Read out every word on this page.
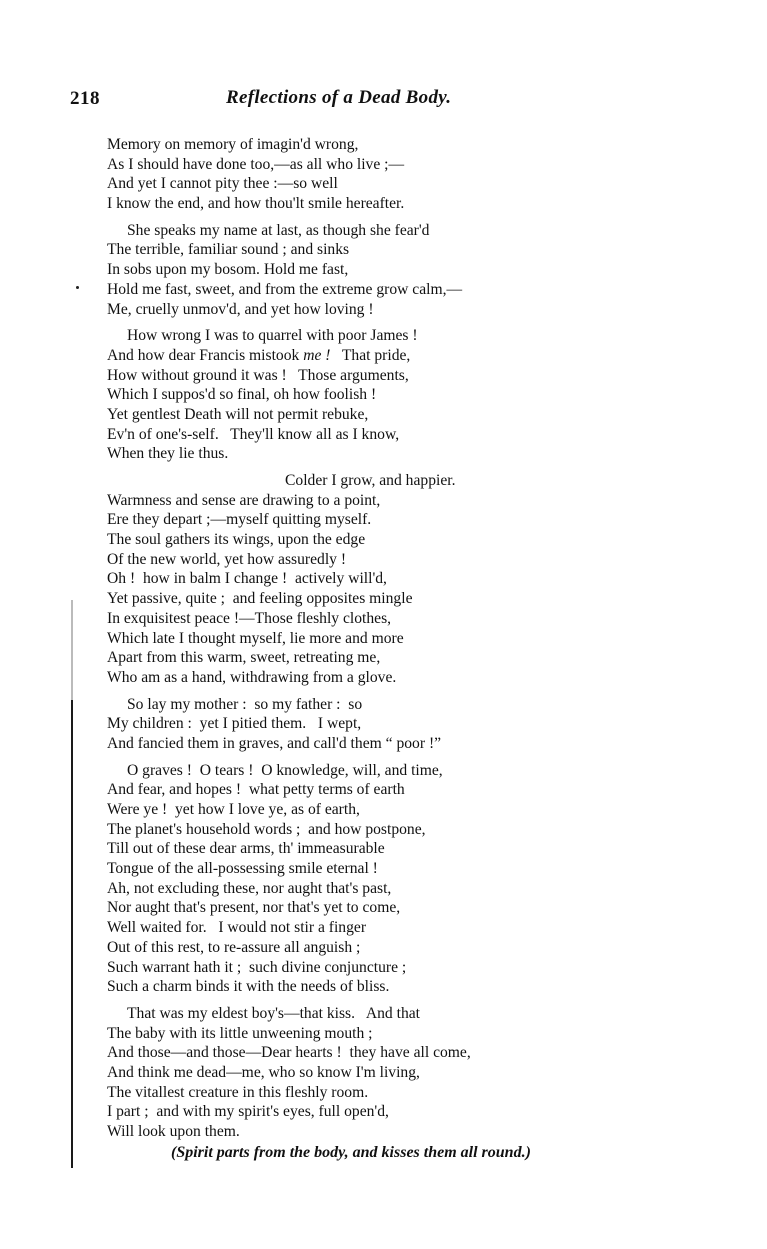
218	Reflections of a Dead Body.
Memory on memory of imagin'd wrong,
As I should have done too,—as all who live ;—
And yet I cannot pity thee :—so well
I know the end, and how thou'lt smile hereafter.
She speaks my name at last, as though she fear'd
The terrible, familiar sound ; and sinks
In sobs upon my bosom. Hold me fast,
Hold me fast, sweet, and from the extreme grow calm,—
Me, cruelly unmov'd, and yet how loving !
How wrong I was to quarrel with poor James !
And how dear Francis mistook me !   That pride,
How without ground it was !   Those arguments,
Which I suppos'd so final, oh how foolish !
Yet gentlest Death will not permit rebuke,
Ev'n of one's-self.   They'll know all as I know,
When they lie thus.
Colder I grow, and happier.
Warmness and sense are drawing to a point,
Ere they depart ;—myself quitting myself.
The soul gathers its wings, upon the edge
Of the new world, yet how assuredly !
Oh !  how in balm I change !  actively will'd,
Yet passive, quite ;  and feeling opposites mingle
In exquisitest peace !—Those fleshly clothes,
Which late I thought myself, lie more and more
Apart from this warm, sweet, retreating me,
Who am as a hand, withdrawing from a glove.
So lay my mother :  so my father :  so
My children :  yet I pitied them.   I wept,
And fancied them in graves, and call'd them “ poor !”
O graves !  O tears !  O knowledge, will, and time,
And fear, and hopes !  what petty terms of earth
Were ye !  yet how I love ye, as of earth,
The planet's household words ;  and how postpone,
Till out of these dear arms, th' immeasurable
Tongue of the all-possessing smile eternal !
Ah, not excluding these, nor aught that's past,
Nor aught that's present, nor that's yet to come,
Well waited for.   I would not stir a finger
Out of this rest, to re-assure all anguish ;
Such warrant hath it ;  such divine conjuncture ;
Such a charm binds it with the needs of bliss.
That was my eldest boy's—that kiss.   And that
The baby with its little unweening mouth ;
And those—and those—Dear hearts !  they have all come,
And think me dead—me, who so know I'm living,
The vitallest creature in this fleshly room.
I part ;  and with my spirit's eyes, full open'd,
Will look upon them.
(Spirit parts from the body, and kisses them all round.)
